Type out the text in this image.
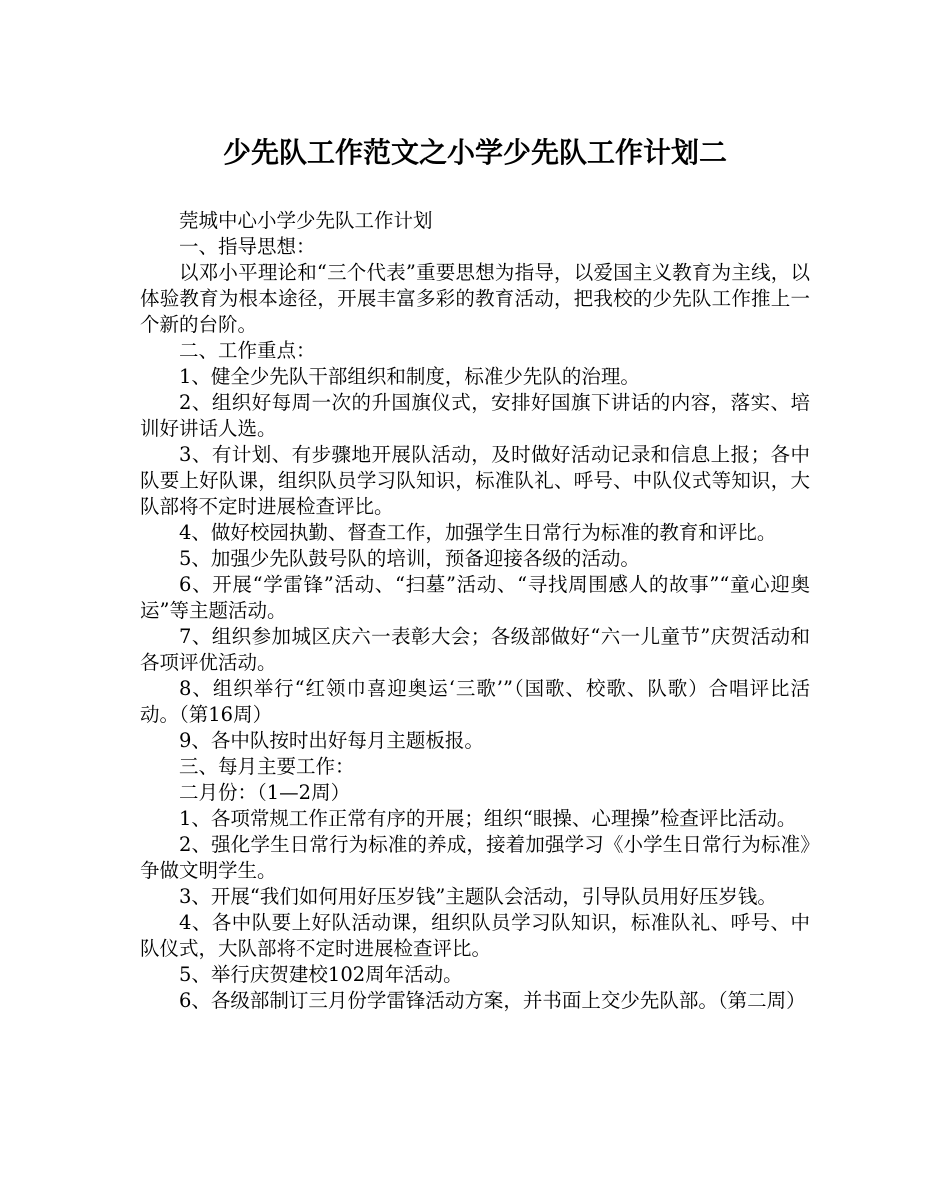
少先队工作范文之小学少先队工作计划二

莞城中心小学少先队工作计划

一、指导思想：

以邓小平理论和“三个代表”重要思想为指导，以爱国主义教育为主线，以体验教育为根本途径，开展丰富多彩的教育活动，把我校的少先队工作推上一个新的台阶。

二、工作重点：

1、健全少先队干部组织和制度，标准少先队的治理。

2、组织好每周一次的升国旗仪式，安排好国旗下讲话的内容，落实、培训好讲话人选。

3、有计划、有步骤地开展队活动，及时做好活动记录和信息上报；各中队要上好队课，组织队员学习队知识，标准队礼、呼号、中队仪式等知识，大队部将不定时进展检查评比。

4、做好校园执勤、督查工作，加强学生日常行为标准的教育和评比。

5、加强少先队鼓号队的培训，预备迎接各级的活动。

6、开展“学雷锋”活动、“扫墓”活动、“寻找周围感人的故事”“童心迎奥运”等主题活动。

7、组织参加城区庆六一表彰大会；各级部做好“六一儿童节”庆贺活动和各项评优活动。

8、组织举行“红领巾喜迎奥运‘三歌’”（国歌、校歌、队歌）合唱评比活动。（第16周）

9、各中队按时出好每月主题板报。

三、每月主要工作：

二月份：（1—2周）

1、各项常规工作正常有序的开展；组织“眼操、心理操”检查评比活动。

2、强化学生日常行为标准的养成，接着加强学习《小学生日常行为标准》争做文明学生。

3、开展“我们如何用好压岁钱”主题队会活动，引导队员用好压岁钱。

4、各中队要上好队活动课，组织队员学习队知识，标准队礼、呼号、中队仪式，大队部将不定时进展检查评比。

5、举行庆贺建校102周年活动。

6、各级部制订三月份学雷锋活动方案，并书面上交少先队部。（第二周）
